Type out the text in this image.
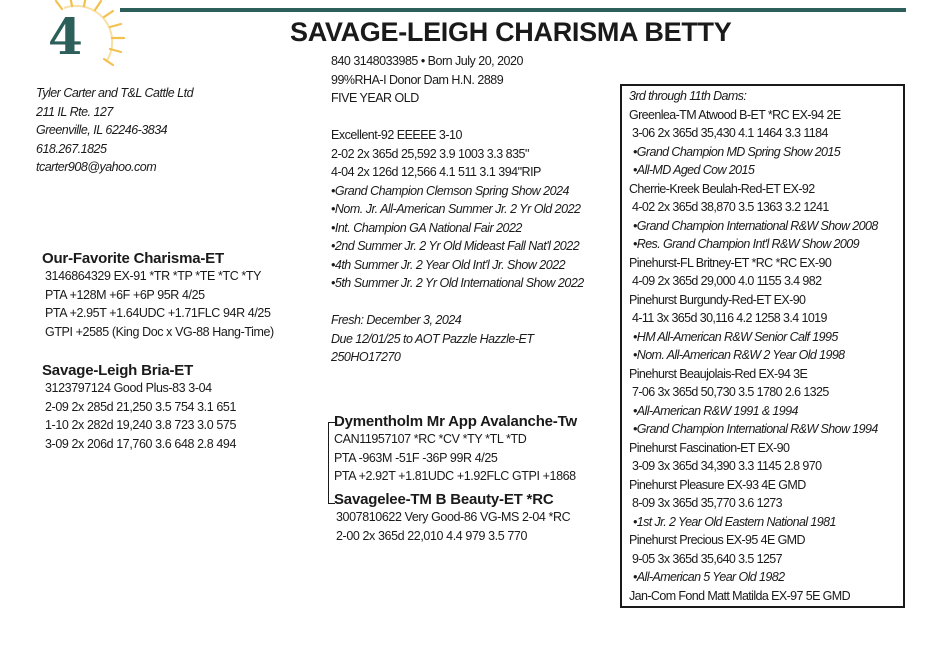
4	SAVAGE-LEIGH CHARISMA BETTY
Tyler Carter and T&L Cattle Ltd
211 IL Rte. 127
Greenville, IL 62246-3834
618.267.1825
tcarter908@yahoo.com
840 3148033985 • Born July 20, 2020
99%RHA-I Donor Dam H.N. 2889
FIVE YEAR OLD
Excellent-92 EEEEE 3-10
2-02 2x 365d 25,592 3.9 1003 3.3 835"
4-04 2x 126d 12,566 4.1 511 3.1 394"RIP
•Grand Champion Clemson Spring Show 2024
•Nom. Jr. All-American Summer Jr. 2 Yr Old 2022
•Int. Champion GA National Fair 2022
•2nd Summer Jr. 2 Yr Old Mideast Fall Nat'l 2022
•4th Summer Jr. 2 Year Old Int'l Jr. Show 2022
•5th Summer Jr. 2 Yr Old International Show 2022
Fresh: December 3, 2024
Due 12/01/25 to AOT Pazzle Hazzle-ET
250HO17270
Our-Favorite Charisma-ET
3146864329 EX-91 *TR *TP *TE *TC *TY
PTA +128M +6F +6P 95R 4/25
PTA +2.95T +1.64UDC +1.71FLC 94R 4/25
GTPI +2585 (King Doc x VG-88 Hang-Time)
Savage-Leigh Bria-ET
3123797124 Good Plus-83 3-04
2-09 2x 285d 21,250 3.5 754 3.1 651
1-10 2x 282d 19,240 3.8 723 3.0 575
3-09 2x 206d 17,760 3.6 648 2.8 494
Dymentholm Mr App Avalanche-Tw
CAN11957107 *RC *CV *TY *TL *TD
PTA -963M -51F -36P 99R 4/25
PTA +2.92T +1.81UDC +1.92FLC GTPI +1868
Savagelee-TM B Beauty-ET *RC
3007810622 Very Good-86 VG-MS 2-04 *RC
2-00 2x 365d 22,010 4.4 979 3.5 770
3rd through 11th Dams:
Greenlea-TM Atwood B-ET *RC EX-94 2E
3-06 2x 365d 35,430 4.1 1464 3.3 1184
•Grand Champion MD Spring Show 2015
•All-MD Aged Cow 2015
Cherrie-Kreek Beulah-Red-ET EX-92
4-02 2x 365d 38,870 3.5 1363 3.2 1241
•Grand Champion International R&W Show 2008
•Res. Grand Champion Int'l R&W Show 2009
Pinehurst-FL Britney-ET *RC *RC EX-90
4-09 2x 365d 29,000 4.0 1155 3.4 982
Pinehurst Burgundy-Red-ET EX-90
4-11 3x 365d 30,116 4.2 1258 3.4 1019
•HM All-American R&W Senior Calf 1995
•Nom. All-American R&W 2 Year Old 1998
Pinehurst Beaujolais-Red EX-94 3E
7-06 3x 365d 50,730 3.5 1780 2.6 1325
•All-American R&W 1991 & 1994
•Grand Champion International R&W Show 1994
Pinehurst Fascination-ET EX-90
3-09 3x 365d 34,390 3.3 1145 2.8 970
Pinehurst Pleasure EX-93 4E GMD
8-09 3x 365d 35,770 3.6 1273
•1st Jr. 2 Year Old Eastern National 1981
Pinehurst Precious EX-95 4E GMD
9-05 3x 365d 35,640 3.5 1257
•All-American 5 Year Old 1982
Jan-Com Fond Matt Matilda EX-97 5E GMD
